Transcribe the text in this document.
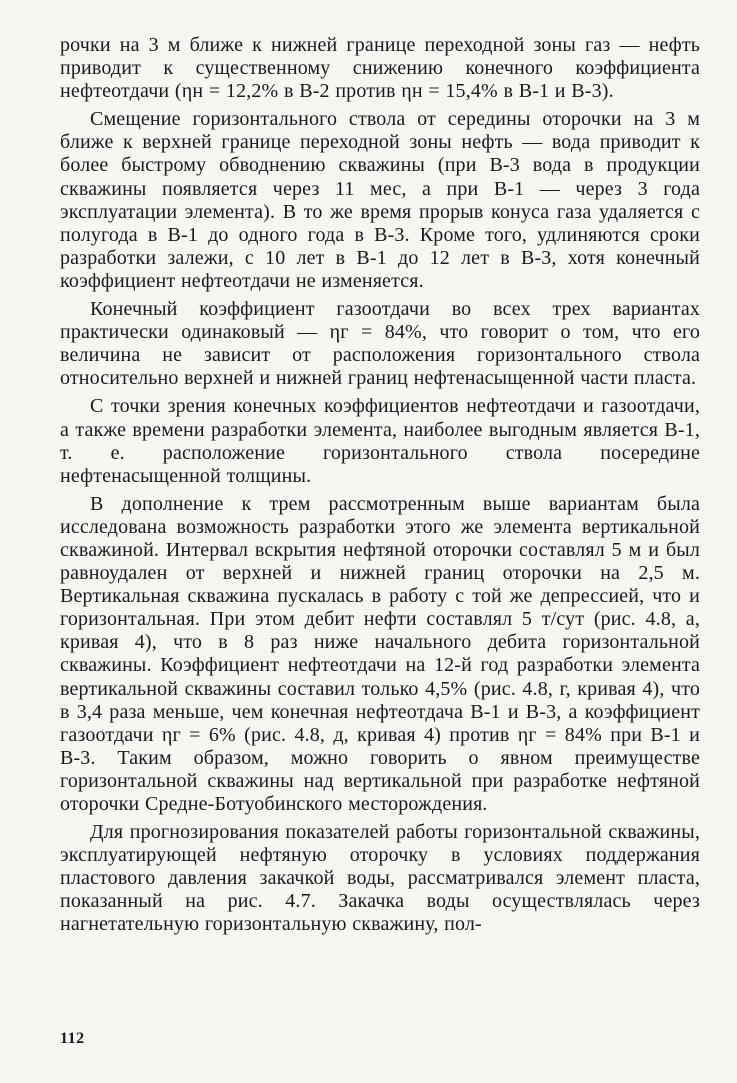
рочки на 3 м ближе к нижней границе переходной зоны газ — нефть приводит к существенному снижению конечного коэффициента нефтеотдачи (ηн = 12,2% в В-2 против ηн = 15,4% в В-1 и В-3).

Смещение горизонтального ствола от середины оторочки на 3 м ближе к верхней границе переходной зоны нефть — вода приводит к более быстрому обводнению скважины (при В-3 вода в продукции скважины появляется через 11 мес, а при В-1 — через 3 года эксплуатации элемента). В то же время прорыв конуса газа удаляется с полугода в В-1 до одного года в В-3. Кроме того, удлиняются сроки разработки залежи, с 10 лет в В-1 до 12 лет в В-3, хотя конечный коэффициент нефтеотдачи не изменяется.

Конечный коэффициент газоотдачи во всех трех вариантах практически одинаковый — ηг = 84%, что говорит о том, что его величина не зависит от расположения горизонтального ствола относительно верхней и нижней границ нефтенасыщенной части пласта.

С точки зрения конечных коэффициентов нефтеотдачи и газоотдачи, а также времени разработки элемента, наиболее выгодным является В-1, т. е. расположение горизонтального ствола посередине нефтенасыщенной толщины.

В дополнение к трем рассмотренным выше вариантам была исследована возможность разработки этого же элемента вертикальной скважиной. Интервал вскрытия нефтяной оторочки составлял 5 м и был равноудален от верхней и нижней границ оторочки на 2,5 м. Вертикальная скважина пускалась в работу с той же депрессией, что и горизонтальная. При этом дебит нефти составлял 5 т/сут (рис. 4.8, а, кривая 4), что в 8 раз ниже начального дебита горизонтальной скважины. Коэффициент нефтеотдачи на 12-й год разработки элемента вертикальной скважины составил только 4,5% (рис. 4.8, г, кривая 4), что в 3,4 раза меньше, чем конечная нефтеотдача В-1 и В-3, а коэффициент газоотдачи ηг = 6% (рис. 4.8, д, кривая 4) против ηг = 84% при В-1 и В-3. Таким образом, можно говорить о явном преимуществе горизонтальной скважины над вертикальной при разработке нефтяной оторочки Средне-Ботуобинского месторождения.

Для прогнозирования показателей работы горизонтальной скважины, эксплуатирующей нефтяную оторочку в условиях поддержания пластового давления закачкой воды, рассматривался элемент пласта, показанный на рис. 4.7. Закачка воды осуществлялась через нагнетательную горизонтальную скважину, пол-

112
